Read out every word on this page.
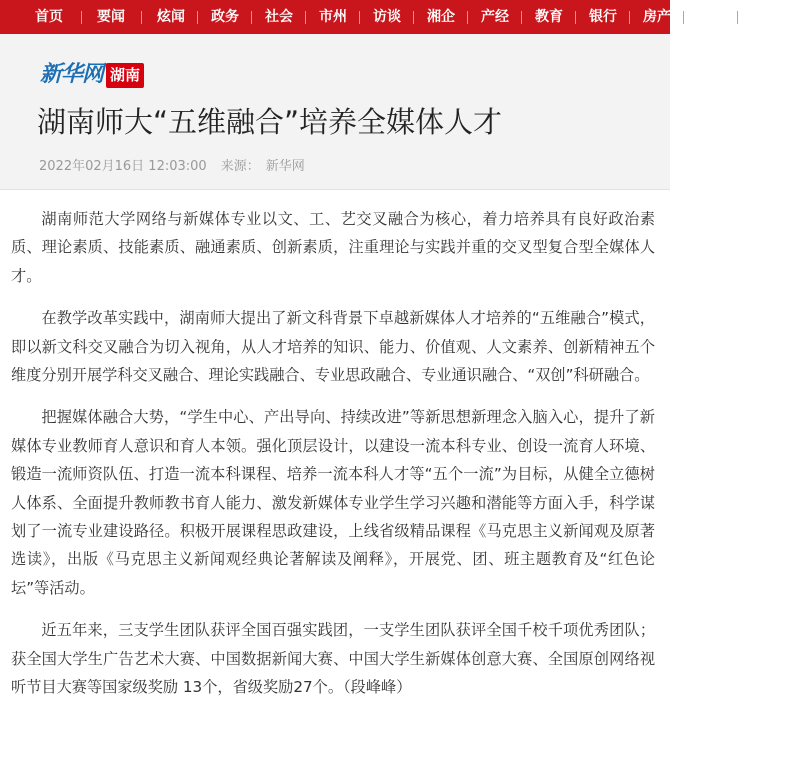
首页 要闻 炫闻 政务 社会 市州 访谈 湘企 产经 教育 银行 房产 旅游 娱乐
新华网 湖南
湖南师大“五维融合”培养全媒体人才
2022年02月16日 12:03:00 来源： 新华网

湖南师范大学网络与新媒体专业以文、工、艺交叉融合为核心，着力培养具有良好政治素质、理论素质、技能素质、融通素质、创新素质，注重理论与实践并重的交叉型复合型全媒体人才。

在教学改革实践中，湖南师大提出了新文科背景下卓越新媒体人才培养的“五维融合”模式，即以新文科交叉融合为切入视角，从人才培养的知识、能力、价值观、人文素养、创新精神五个维度分别开展学科交叉融合、理论实践融合、专业思政融合、专业通识融合、“双创”科研融合。

把握媒体融合大势，“学生中心、产出导向、持续改进”等新思想新理念入脑入心，提升了新媒体专业教师育人意识和育人本领。强化顶层设计，以建设一流本科专业、创设一流育人环境、锻造一流师资队伍、打造一流本科课程、培养一流本科人才等“五个一流”为目标，从健全立德树人体系、全面提升教师教书育人能力、激发新媒体专业学生学习兴趣和潜能等方面入手，科学谋划了一流专业建设路径。积极开展课程思政建设，上线省级精品课程《马克思主义新闻观及原著选读》，出版《马克思主义新闻观经典论著解读及阐释》，开展党、团、班主题教育及“红色论坛”等活动。

近五年来，三支学生团队获评全国百强实践团，一支学生团队获评全国千校千项优秀团队；获全国大学生广告艺术大赛、中国数据新闻大赛、中国大学生新媒体创意大赛、全国原创网络视听节目大赛等国家级奖励 13个，省级奖励27个。（段峰峰）
